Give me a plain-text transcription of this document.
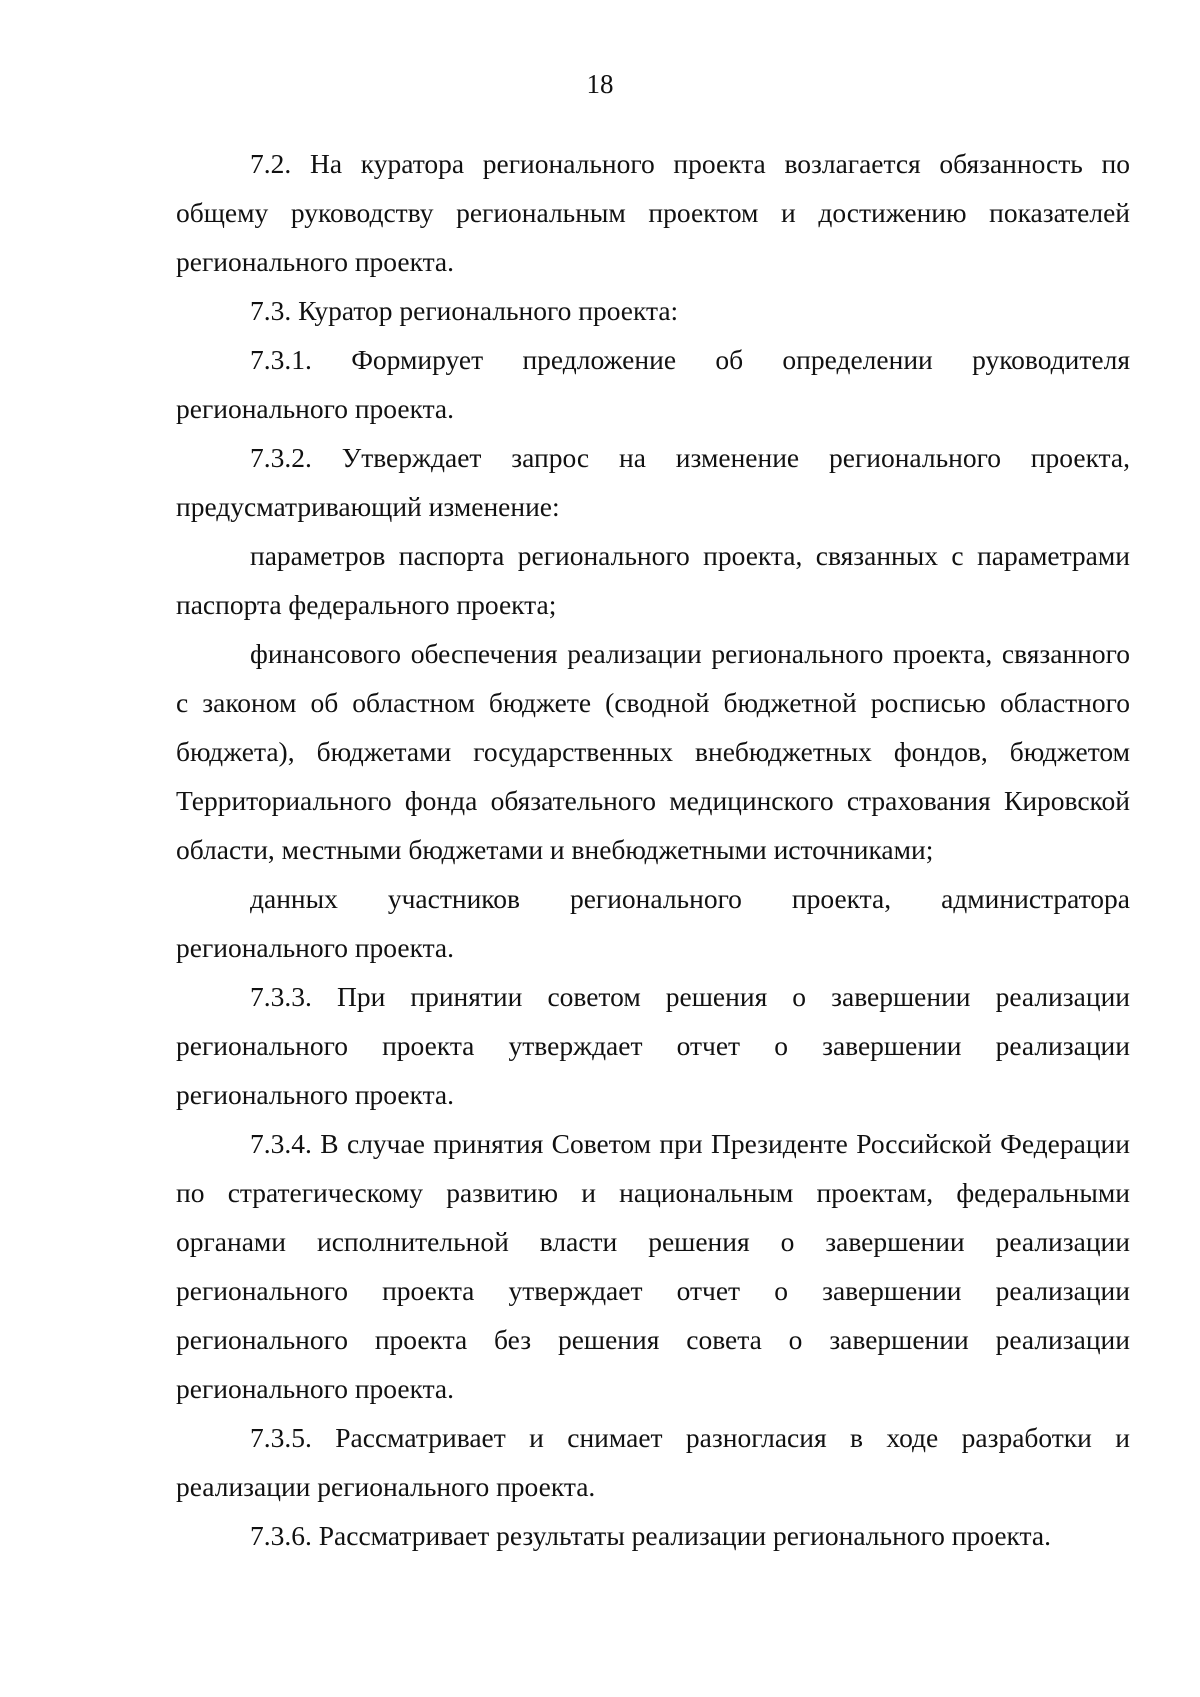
18

7.2. На куратора регионального проекта возлагается обязанность по общему руководству региональным проектом и достижению показателей регионального проекта.

7.3. Куратор регионального проекта:

7.3.1. Формирует предложение об определении руководителя регионального проекта.

7.3.2. Утверждает запрос на изменение регионального проекта, предусматривающий изменение:

параметров паспорта регионального проекта, связанных с параметрами паспорта федерального проекта;

финансового обеспечения реализации регионального проекта, связанного с законом об областном бюджете (сводной бюджетной росписью областного бюджета), бюджетами государственных внебюджетных фондов, бюджетом Территориального фонда обязательного медицинского страхования Кировской области, местными бюджетами и внебюджетными источниками;

данных участников регионального проекта, администратора регионального проекта.

7.3.3. При принятии советом решения о завершении реализации регионального проекта утверждает отчет о завершении реализации регионального проекта.

7.3.4. В случае принятия Советом при Президенте Российской Федерации по стратегическому развитию и национальным проектам, федеральными органами исполнительной власти решения о завершении реализации регионального проекта утверждает отчет о завершении реализации регионального проекта без решения совета о завершении реализации регионального проекта.

7.3.5. Рассматривает и снимает разногласия в ходе разработки и реализации регионального проекта.

7.3.6. Рассматривает результаты реализации регионального проекта.
